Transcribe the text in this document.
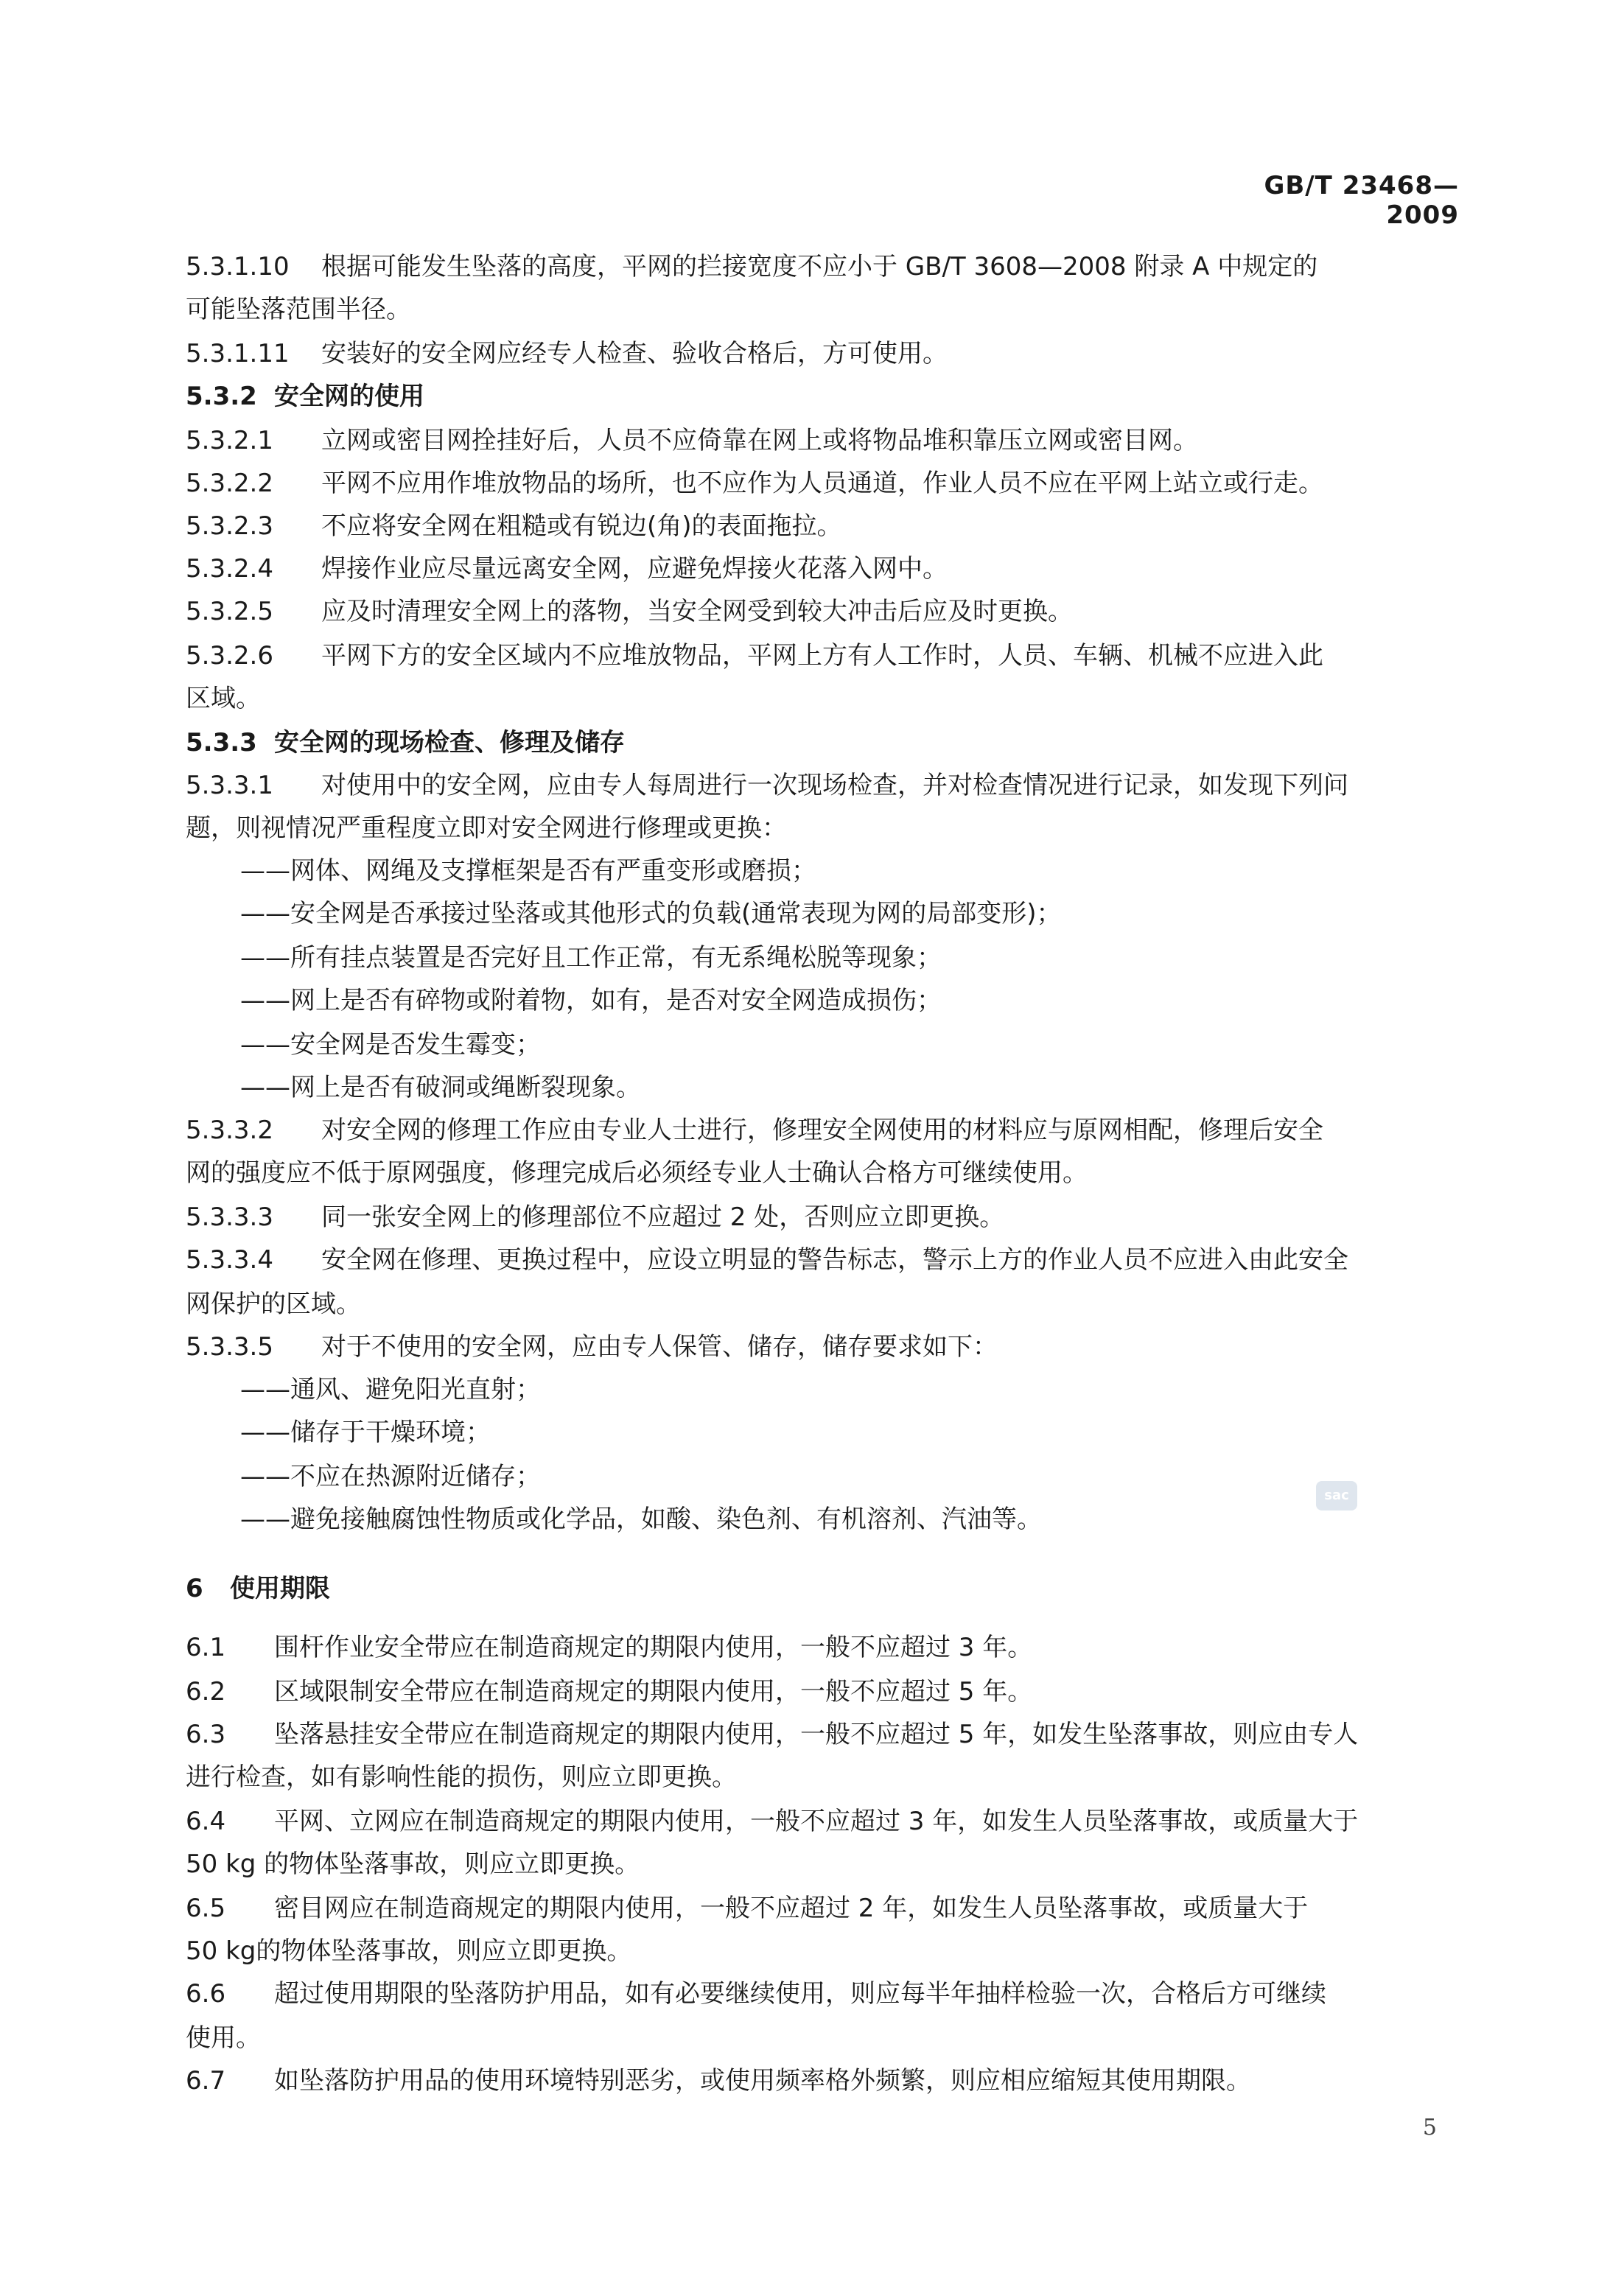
GB/T 23468—2009
5.3.1.10 根据可能发生坠落的高度，平网的拦接宽度不应小于 GB/T 3608—2008 附录 A 中规定的
可能坠落范围半径。
5.3.1.11 安装好的安全网应经专人检查、验收合格后，方可使用。
5.3.2 安全网的使用
5.3.2.1 立网或密目网拴挂好后，人员不应倚靠在网上或将物品堆积靠压立网或密目网。
5.3.2.2 平网不应用作堆放物品的场所，也不应作为人员通道，作业人员不应在平网上站立或行走。
5.3.2.3 不应将安全网在粗糙或有锐边(角)的表面拖拉。
5.3.2.4 焊接作业应尽量远离安全网，应避免焊接火花落入网中。
5.3.2.5 应及时清理安全网上的落物，当安全网受到较大冲击后应及时更换。
5.3.2.6 平网下方的安全区域内不应堆放物品，平网上方有人工作时，人员、车辆、机械不应进入此
区域。
5.3.3 安全网的现场检查、修理及储存
5.3.3.1 对使用中的安全网，应由专人每周进行一次现场检查，并对检查情况进行记录，如发现下列问
题，则视情况严重程度立即对安全网进行修理或更换：
——网体、网绳及支撑框架是否有严重变形或磨损；
——安全网是否承接过坠落或其他形式的负载(通常表现为网的局部变形)；
——所有挂点装置是否完好且工作正常，有无系绳松脱等现象；
——网上是否有碎物或附着物，如有，是否对安全网造成损伤；
——安全网是否发生霉变；
——网上是否有破洞或绳断裂现象。
5.3.3.2 对安全网的修理工作应由专业人士进行，修理安全网使用的材料应与原网相配，修理后安全
网的强度应不低于原网强度，修理完成后必须经专业人士确认合格方可继续使用。
5.3.3.3 同一张安全网上的修理部位不应超过 2 处，否则应立即更换。
5.3.3.4 安全网在修理、更换过程中，应设立明显的警告标志，警示上方的作业人员不应进入由此安全
网保护的区域。
5.3.3.5 对于不使用的安全网，应由专人保管、储存，储存要求如下：
——通风、避免阳光直射；
——储存于干燥环境；
——不应在热源附近储存；
——避免接触腐蚀性物质或化学品，如酸、染色剂、有机溶剂、汽油等。
6 使用期限
6.1 围杆作业安全带应在制造商规定的期限内使用，一般不应超过 3 年。
6.2 区域限制安全带应在制造商规定的期限内使用，一般不应超过 5 年。
6.3 坠落悬挂安全带应在制造商规定的期限内使用，一般不应超过 5 年，如发生坠落事故，则应由专人
进行检查，如有影响性能的损伤，则应立即更换。
6.4 平网、立网应在制造商规定的期限内使用，一般不应超过 3 年，如发生人员坠落事故，或质量大于
50 kg 的物体坠落事故，则应立即更换。
6.5 密目网应在制造商规定的期限内使用，一般不应超过 2 年，如发生人员坠落事故，或质量大于
50 kg的物体坠落事故，则应立即更换。
6.6 超过使用期限的坠落防护用品，如有必要继续使用，则应每半年抽样检验一次，合格后方可继续
使用。
6.7 如坠落防护用品的使用环境特别恶劣，或使用频率格外频繁，则应相应缩短其使用期限。
sac
5
